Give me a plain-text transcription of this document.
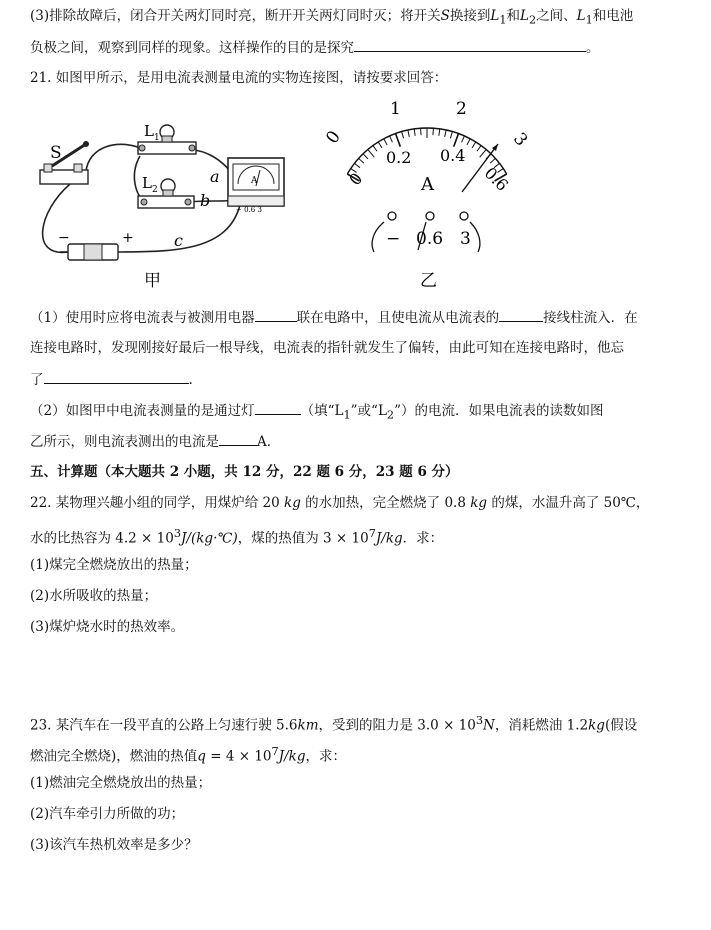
(3)排除故障后，闭合开关两灯同时亮，断开开关两灯同时灭；将开关S换接到$L_1$和$L_2$之间、$L_1$和电池
负极之间，观察到同样的现象。这样操作的目的是探究	。
21. 如图甲所示，是用电流表测量电流的实物连接图，请按要求回答：
S
$L_1$
$L_2$
A
− 0.6 3
−	+
a
b
c
甲
0
1	2
3
0
0.2 0.4
0.6
A
− 0.6 3
乙
（1）使用时应将电流表与被测用电器	联在电路中，且使电流从电流表的	接线柱流入．在
连接电路时，发现刚接好最后一根导线，电流表的指针就发生了偏转，由此可知在连接电路时，他忘
了	.
（2）如图甲中电流表测量的是通过灯	（填“$L_1$”或“$L_2$”）的电流．如果电流表的读数如图
乙所示，则电流表测出的电流是	A．
五、计算题（本大题共 2 小题，共 12 分，22 题 6 分，23 题 6 分）
22. 某物理兴趣小组的同学，用煤炉给 20 kg 的水加热，完全燃烧了 0.8 kg 的煤，水温升高了 50℃，
水的比热容为 $4.2 \times 10^3J/(kg\cdot℃)$，煤的热值为 $3 \times 10^7J/kg$．求：
(1)煤完全燃烧放出的热量；
(2)水所吸收的热量；
(3)煤炉烧水时的热效率。
23. 某汽车在一段平直的公路上匀速行驶 5.6km，受到的阻力是 $3.0 \times 10^3N$，消耗燃油 1.2kg(假设
燃油完全燃烧)，燃油的热值$q = 4 \times 10^7J/kg$，求：
(1)燃油完全燃烧放出的热量；
(2)汽车牵引力所做的功；
(3)该汽车热机效率是多少？
